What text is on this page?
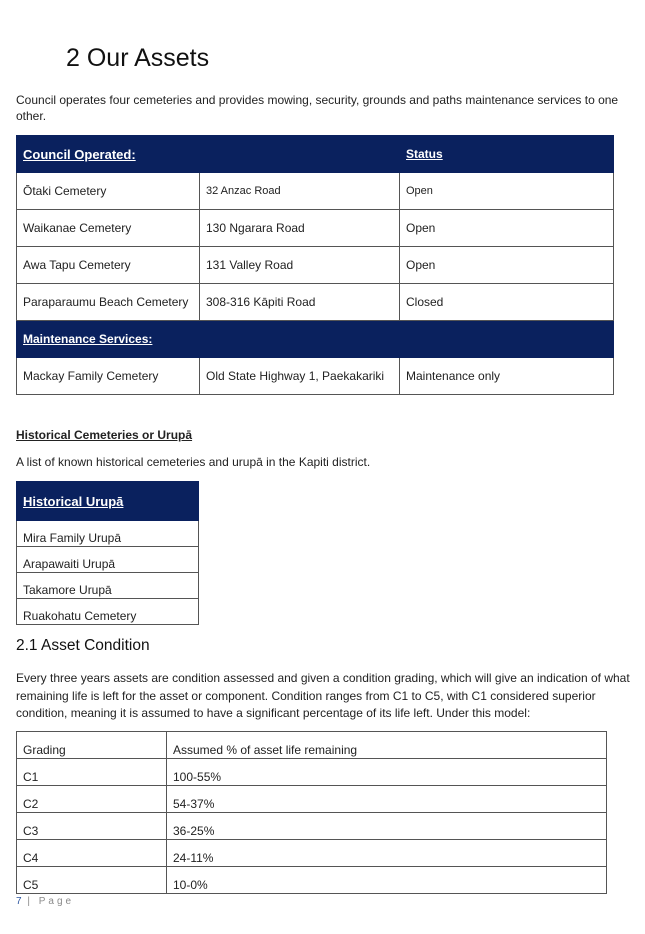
2 Our Assets
Council operates four cemeteries and provides mowing, security, grounds and paths maintenance services to one other.
Council Operated:		Status
Ōtaki Cemetery	32 Anzac Road	Open
Waikanae Cemetery	130 Ngarara Road	Open
Awa Tapu Cemetery	131 Valley Road	Open
Paraparaumu Beach Cemetery	308-316 Kāpiti Road	Closed
Maintenance Services:		
Mackay Family Cemetery	Old State Highway 1, Paekakariki	Maintenance only
Historical Cemeteries or Urupā
A list of known historical cemeteries and urupā in the Kapiti district.
Historical Urupā
Mira Family Urupā
Arapawaiti Urupā
Takamore Urupā
Ruakohatu Cemetery
2.1 Asset Condition
Every three years assets are condition assessed and given a condition grading, which will give an indication of what remaining life is left for the asset or component. Condition ranges from C1 to C5, with C1 considered superior condition, meaning it is assumed to have a significant percentage of its life left. Under this model:
Grading	Assumed % of asset life remaining
C1	100-55%
C2	54-37%
C3	36-25%
C4	24-11%
C5	10-0%
7 | Page
